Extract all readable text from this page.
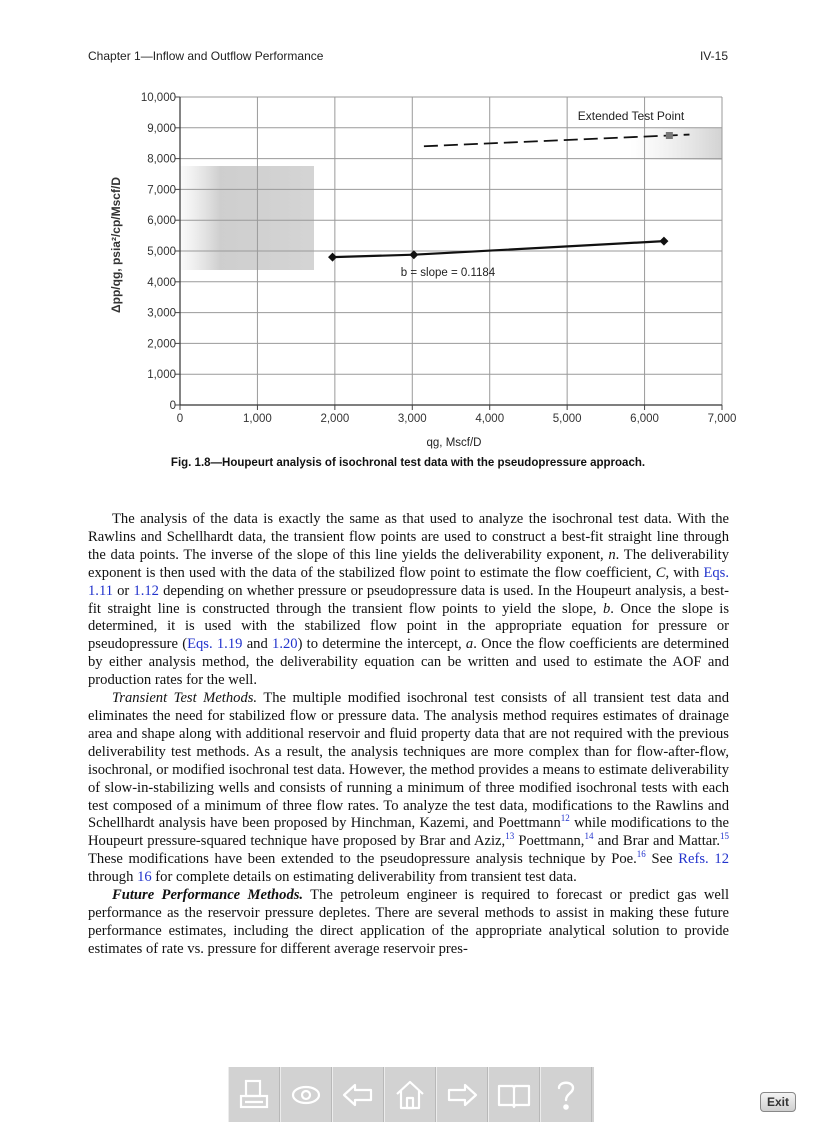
Chapter 1—Inflow and Outflow Performance	IV-15
0
1,000
2,000
3,000
4,000
5,000
6,000
7,000
8,000
9,000
10,000
0	1,000	2,000	3,000	4,000	5,000	6,000	7,000
Δpp/qg, psia²/cp/Mscf/D
qg, Mscf/D
Extended Test Point
b = slope = 0.1184
Fig. 1.8—Houpeurt analysis of isochronal test data with the pseudopressure approach.

The analysis of the data is exactly the same as that used to analyze the isochronal test data. With the Rawlins and Schellhardt data, the transient flow points are used to construct a best-fit straight line through the data points. The inverse of the slope of this line yields the deliverability exponent, n. The deliverability exponent is then used with the data of the stabilized flow point to estimate the flow coefficient, C, with Eqs. 1.11 or 1.12 depending on whether pressure or pseudopressure data is used. In the Houpeurt analysis, a best-fit straight line is constructed through the transient flow points to yield the slope, b. Once the slope is determined, it is used with the stabilized flow point in the appropriate equation for pressure or pseudopressure (Eqs. 1.19 and 1.20) to determine the intercept, a. Once the flow coefficients are determined by either analysis method, the deliverability equation can be written and used to estimate the AOF and production rates for the well.

Transient Test Methods. The multiple modified isochronal test consists of all transient test data and eliminates the need for stabilized flow or pressure data. The analysis method requires estimates of drainage area and shape along with additional reservoir and fluid property data that are not required with the previous deliverability test methods. As a result, the analysis techniques are more complex than for flow-after-flow, isochronal, or modified isochronal test data. However, the method provides a means to estimate deliverability of slow-in-stabilizing wells and consists of running a minimum of three modified isochronal tests with each test composed of a minimum of three flow rates. To analyze the test data, modifications to the Rawlins and Schellhardt analysis have been proposed by Hinchman, Kazemi, and Poettmann$^{12}$ while modifications to the Houpeurt pressure-squared technique have proposed by Brar and Aziz,$^{13}$ Poettmann,$^{14}$ and Brar and Mattar.$^{15}$ These modifications have been extended to the pseudopressure analysis technique by Poe.$^{16}$ See Refs. 12 through 16 for complete details on estimating deliverability from transient test data.

Future Performance Methods. The petroleum engineer is required to forecast or predict gas well performance as the reservoir pressure depletes. There are several methods to assist in making these future performance estimates, including the direct application of the appropriate analytical solution to provide estimates of rate vs. pressure for different average reservoir pres-

Exit
